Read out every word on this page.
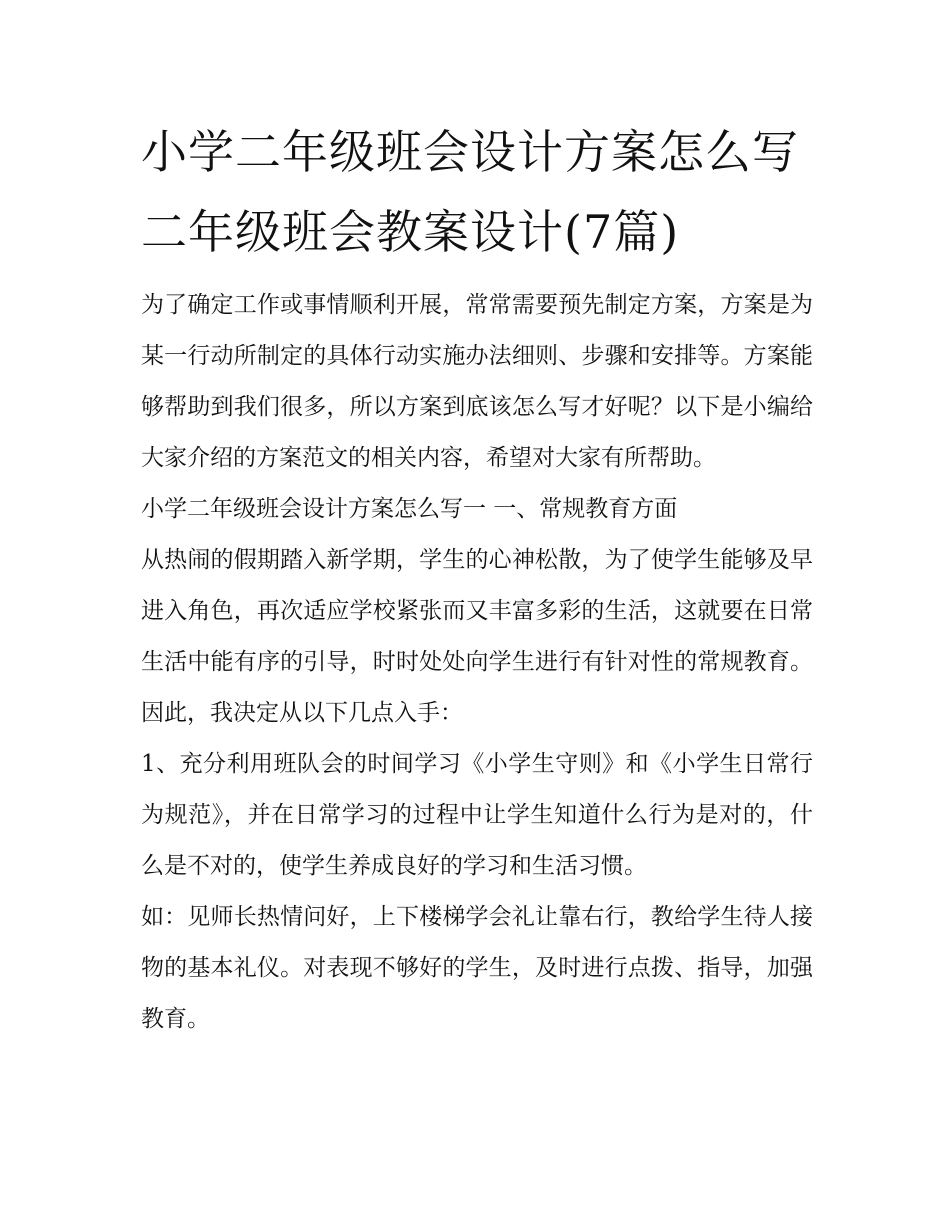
小学二年级班会设计方案怎么写 二年级班会教案设计(7篇)

为了确定工作或事情顺利开展，常常需要预先制定方案，方案是为某一行动所制定的具体行动实施办法细则、步骤和安排等。方案能够帮助到我们很多，所以方案到底该怎么写才好呢？以下是小编给大家介绍的方案范文的相关内容，希望对大家有所帮助。

小学二年级班会设计方案怎么写一 一、常规教育方面

从热闹的假期踏入新学期，学生的心神松散，为了使学生能够及早进入角色，再次适应学校紧张而又丰富多彩的生活，这就要在日常生活中能有序的引导，时时处处向学生进行有针对性的常规教育。因此，我决定从以下几点入手：

1、充分利用班队会的时间学习《小学生守则》和《小学生日常行为规范》，并在日常学习的过程中让学生知道什么行为是对的，什么是不对的，使学生养成良好的学习和生活习惯。

如：见师长热情问好，上下楼梯学会礼让靠右行，教给学生待人接物的基本礼仪。对表现不够好的学生，及时进行点拨、指导，加强教育。
